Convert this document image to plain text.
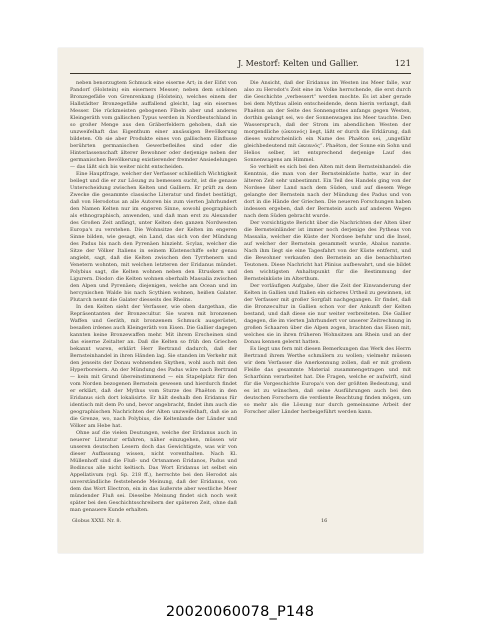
J. Mestorf: Kelten und Gallier.	121

neben benorzugtem Schmuck eine eiserne Art; in der Eifst von Pandorf (Holstein) ein eiserners Messer; neben dem schönen Bronzegefäße von Grenrenkang (Holstein), welches einem der Hallstädter Bronzegefäße auffallend gleicht, lag ein eisernes Messer. Die rückmeisten gebogenen Fibeln aber und anderes Kleingeräth vom gallischen Typus werden in Nordbeutschland in so großer Menge aus den Gräberfeldern gehoben, daß sie unzweifelhaft das Eigenthum einer ansässigen Bevölkerung bildeten. Ob sie aber Produkte eines von gallischem Einflusse berührten germanischen Gewerbefleißes sind oder die Hinterlassenschaft älterer Bewohner oder derjenige neben der germanischen Bevölkerung existierender fremder Ansiedelungen — das läßt sich bis weiter nicht entscheiden.

Eine Hauptfrage, welcher der Verfasser schließlich Wichtigkeit beilegt und die er zur Lösung zu bemessen sucht, ist die genaue Unterscheidung zwischen Kelten und Galliern. Er prüft zu dem Zwecke die gesammte classische Literatur und findet bestätigt, daß von Herodotus an alle Autoren bis zum vierten Jahrhundert den Namen Kelten nur im engeren Sinne, sowohl geographisch als ethnographisch, anwenden, und daß man erst zu Alexander des Großen Zeit anfängt, unter Kelten den ganzen Nordwesten Europa's zu verstehen. Die Wohnsitze der Kelten im engeren Sinne bilden, wie gesagt, ein Land, das sich von der Mündung des Padus bis nach den Pyrenäen hinzieht. Scylax, welcher die Sitze der Völker Italiens in seinem Küstenschiffe sehr genau angiebt, sagt, daß die Kelten zwischen den Tyrrhenern und Venetern wohnten, mit welchen letzteren der Eridanus mündet. Polybius sagt, die Kelten wohnen neben den Etruskern und Ligurern. Diodor: die Kelten wohnen oberhalb Massalia zwischen den Alpen und Pyrenäen; diejenigen, welche am Ocean und im hercynischen Walde bis nach Scythien wohnen, heißen Galater. Plutarch nennt die Galater diesseits des Rheins.

In den Kelten sieht der Verfasser, wie oben dargethan, die Repräsentanten der Bronzecultur. Sie waren mit bronzenen Waffen und Geräth, mit bronzenem Schmuck ausgerüstet, besaßen irdenes auch Kleingeräth von Eisen. Die Gallier dagegen kannten keine Bronzewaffen mehr. Mit ihrem Erscheinen sind das eiserne Zeitalter an. Daß die Kelten so früh den Griechen bekannt waren, erklärt Herr Bertrand dadurch, daß der Bernsteinhandel in ihren Händen lag. Sie standen im Verkehr mit den jenseits der Donau wohnenden Skythen, wohl auch mit den Hyperboreiern. An der Mündung des Padus wäre nach Bertrand — kein mit Grund übereinstimmend — ein Stapelplatz für den vom Norden bezogenen Bernstein gewesen und hierdurch findet er erklärt, daß der Mythus vom Sturze des Phaëton in den Eridanus sich dort lokalisirte. Er hält deshalb den Eridanus für identisch mit dem Po und, bevor angebracht, findet ihm auch die geographischen Nachrichten der Alten unzweifelhaft, daß sie an die Grenze, wo, nach Polybius, die Keltenlande der Länder und Völker am Hebe hat.

Ohne auf die vielen Deutungen, welche der Eridanus auch in neuerer Literatur erfahren, näher einzugehen, müssen wir unseren deutschen Lesern doch das Gewichtigste, was wir von dieser Auffassung wissen, nicht vorenthalten. Nach Kl. Müllenhoff sind die Fluß- und Ortsnamen Eridanos, Padus und Bodincus alle nicht keltisch. Das Wort Eridanus ist selbst ein Appellativum (vgl. Sp. 218 ff.), herrschte bei den Herodot als unverständliche feststehende Meinung, daß der Eridanus, von dem das Wort Electron, ein in das äußerste aber westliche Meer mündender Fluß sei. Dieselbe Meinung findet sich noch weit später bei den Geschichtsschreibern der späteren Zeit, ohne daß man genauere Kunde erhalten.

Die Ansicht, daß der Eridanus im Westen ins Meer falle, war also zu Herodot's Zeit eine im Volke herrschende, die erst durch die Geschichte „verbessert“ werden mochte. Es ist aber gerade bei dem Mythus allein entscheidende, denn hierin verlangt, daß Phaëton an der Seite des Sonnengottes anfangs gegen Westen, dorthin gelangt sei, wo der Sonnenwagen ins Meer tauchte. Den Wasserspruch, daß der Strom im abendlichen Westen der morgendliche (ὠκεανός) liegt, läßt er durch die Erklärung, daß dieses wahrscheinlich ein Name des Phaëton sei, „ungefähr gleichbedeutend mit ὠκεανός“. Phaëton, der Sonne ein Sohn und Helios selber, ist entsprechend derjenige Lauf des Sonnenwagens am Himmel.

So verhielt es sich bei den Alten mit dem Bernsteinhandel: die Kenntnis, die man von der Bernsteinküste hatte, war in der älteren Zeit sehr unbestimmt. Ein Teil des Handels ging von der Nordsee über Land nach dem Süden, und auf diesem Wege gelangte der Bernstein nach der Mündung des Padus und von dort in die Hände der Griechen. Die neueren Forschungen haben indessen ergeben, daß der Bernstein auch auf anderen Wegen nach dem Süden gebracht wurde.

Der vorsichtigste Bericht über die Nachrichten der Alten über die Bernsteinländer ist immer noch derjenige des Pytheas von Massalia, welcher die Küste der Nordsee befuhr und die Insel, auf welcher der Bernstein gesammelt wurde, Abalus nannte. Nach ihm liegt sie eine Tagesfahrt von der Küste entfernt, und die Bewohner verkaufen den Bernstein an die benachbarten Teutonen. Diese Nachricht hat Plinius aufbewahrt, und sie bildet den wichtigsten Anhaltspunkt für die Bestimmung der Bernsteinküste im Alterthum.

Der vorläufigen Aufgabe, über die Zeit der Einwanderung der Kelten in Gallien und Italien ein sicheres Urtheil zu gewinnen, ist der Verfasser mit großer Sorgfalt nachgegangen. Er findet, daß die Bronzecultur in Gallien schon vor der Ankunft der Kelten bestand, und daß diese sie nur weiter verbreiteten. Die Gallier dagegen, die im vierten Jahrhundert vor unserer Zeitrechnung in großen Schaaren über die Alpen zogen, brachten das Eisen mit, welches sie in ihren früheren Wohnsitzen am Rhein und an der Donau kennen gelernt hatten.

Es liegt uns fern mit diesen Bemerkungen das Werk des Herrn Bertrand ihrem Werthe schmälern zu wollen; vielmehr müssen wir dem Verfasser die Anerkennung zollen, daß er mit großem Fleiße das gesammte Material zusammengetragen und mit Scharfsinn verarbeitet hat. Die Fragen, welche er aufwirft, sind für die Vorgeschichte Europa's von der größten Bedeutung, und es ist zu wünschen, daß seine Ausführungen auch bei den deutschen Forschern die verdiente Beachtung finden mögen, um so mehr als die Lösung nur durch gemeinsame Arbeit der Forscher aller Länder herbeigeführt werden kann.

Globus XXXI. Nr. 8.	16
20020060078_P148
